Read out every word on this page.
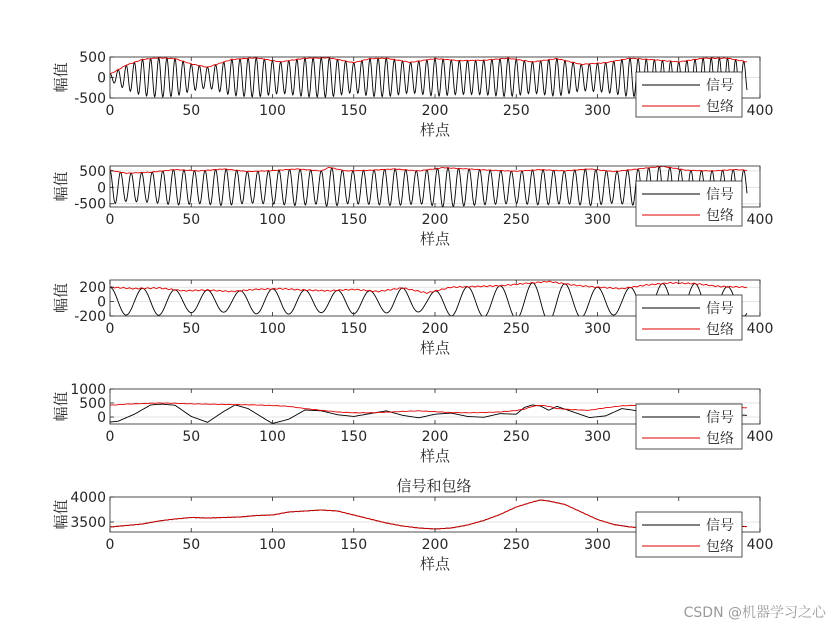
0	50	100	150	200	250	300	400
-500
0
500
样点
幅值	信号
包络
0	50	100	150	200	250	300	400
-500
0
500
样点
幅值	信号
包络
0	50	100	150	200	250	300	400
-200
0
200
样点
幅值	信号
包络
0	50	100	150	200	250	300	400
0
500
1000
样点
幅值	信号
包络
0	50	100	150	200	250	300	400
3500
4000
样点
幅值	信号
包络
信号和包络
CSDN @机器学习之心
